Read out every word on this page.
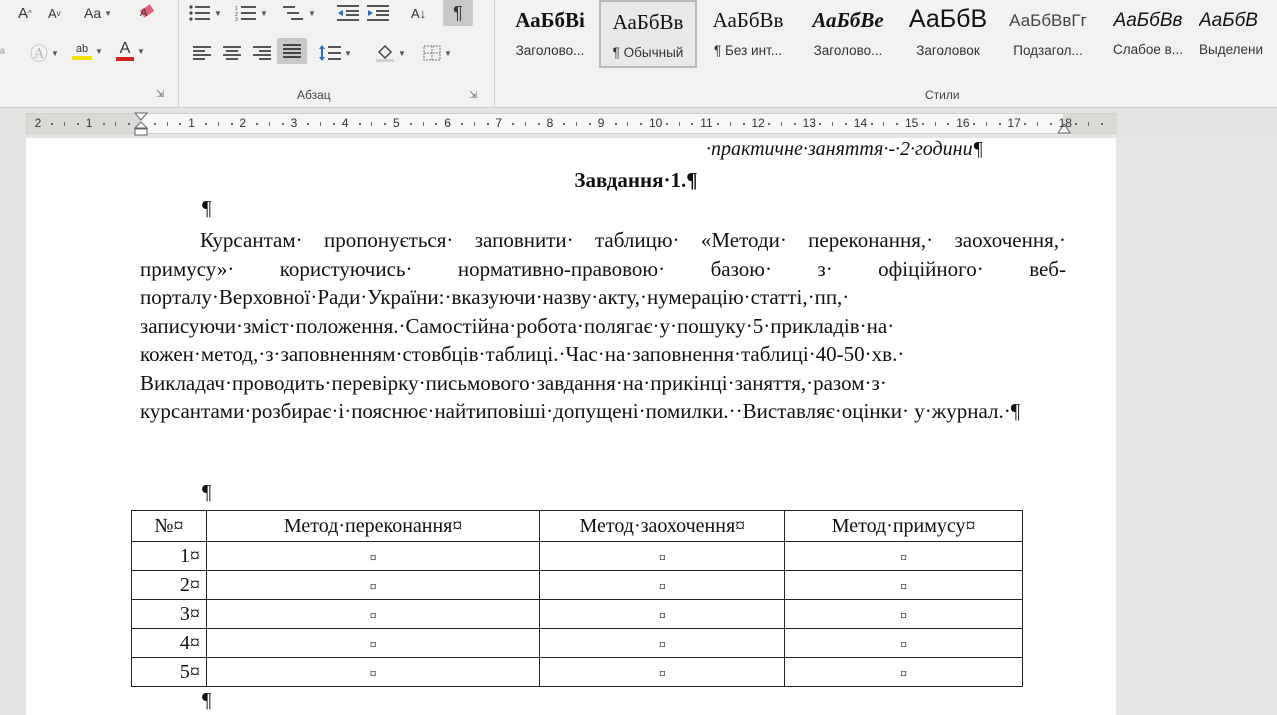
A ^ A v Aa ▼	A
ª Ⓐ ▼ ab ▼ A ▼
▼	1
2
3
▼	▼	A↓ ¶
▼	▼	▼
Абзац	⇲
⇲
АаБбВі
Заголово...
АаБбВв
¶ Обычный
АаБбВв
¶ Без инт...
АаБбВе
Заголово...
АаБбВ
Заголовок
АаБбВвГг
Подзагол...
АаБбВв
Слабое в...
АаБбВ
Выделени
Стили
2	1	1	2	3	4	5	6	7	8	9	10	11	12	13	14	15	16	17	18
·практичне·заняття·-·2·години¶
Завдання·1.¶
¶
Курсантам· пропонується· заповнити· таблицю· «Методи· переконання,· заохочення,· примусу»· користуючись· нормативно-правовою· базою· з· офіційного· веб-порталу·Верховної·Ради·України:·вказуючи·назву·акту,·нумерацію·статті,·пп,· записуючи·зміст·положення.·Самостійна·робота·полягає·у·пошуку·5·прикладів·на· кожен·метод,·з·заповненням·стовбців·таблиці.·Час·на·заповнення·таблиці·40-50·хв.· Викладач·проводить·перевірку·письмового·завдання·на·прикінці·заняття,·разом·з· курсантами·розбирає·і·пояснює·найтиповіші·допущені·помилки.··Виставляє·оцінки· у·журнал.·¶
¶
№¤	Метод·переконання¤	Метод·заохочення¤	Метод·примусу¤
1¤	¤	¤	¤
2¤	¤	¤	¤
3¤	¤	¤	¤
4¤	¤	¤	¤
5¤	¤	¤	¤
¶
